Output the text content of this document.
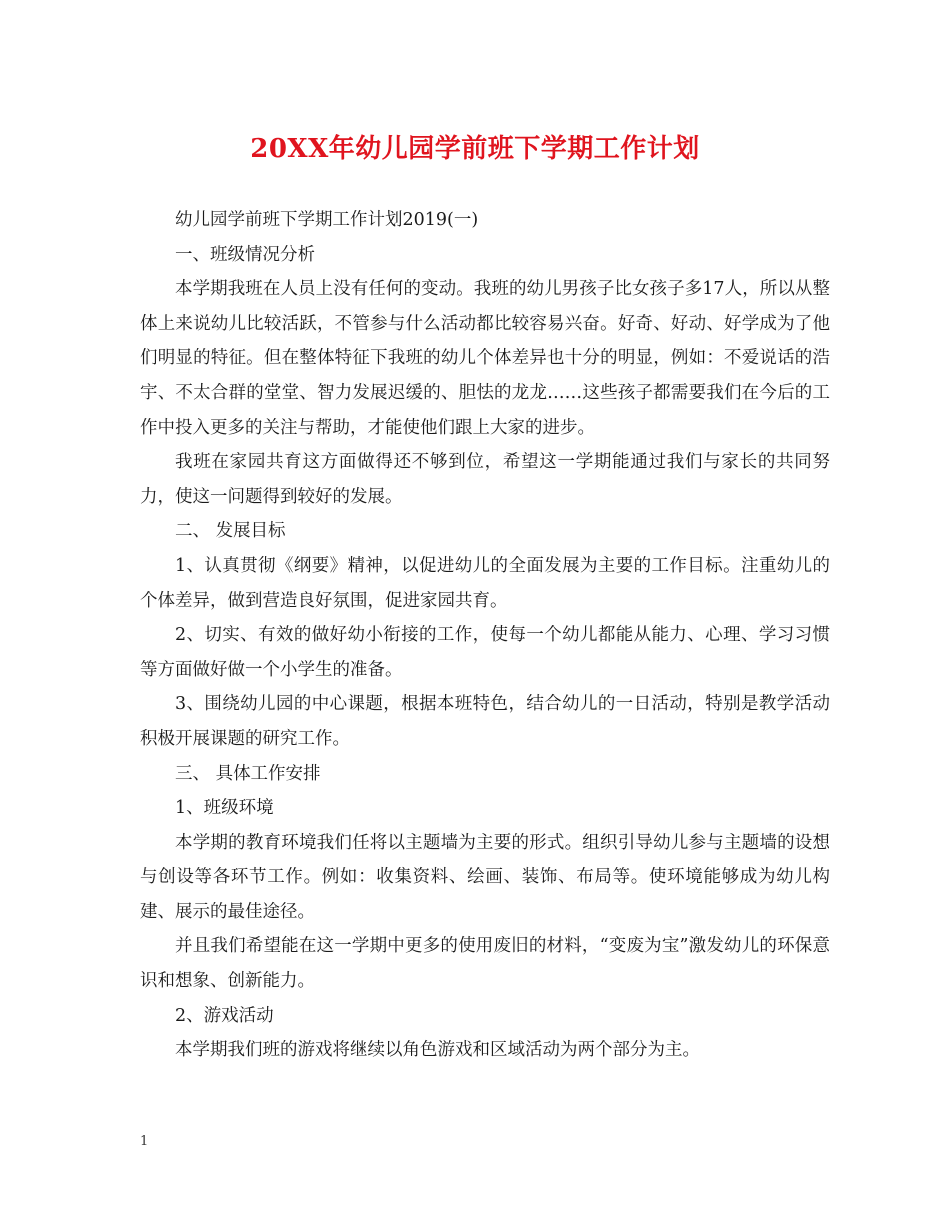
20XX年幼儿园学前班下学期工作计划

幼儿园学前班下学期工作计划2019(一)

一、班级情况分析

本学期我班在人员上没有任何的变动。我班的幼儿男孩子比女孩子多17人，所以从整体上来说幼儿比较活跃，不管参与什么活动都比较容易兴奋。好奇、好动、好学成为了他们明显的特征。但在整体特征下我班的幼儿个体差异也十分的明显，例如：不爱说话的浩宇、不太合群的堂堂、智力发展迟缓的、胆怯的龙龙……这些孩子都需要我们在今后的工作中投入更多的关注与帮助，才能使他们跟上大家的进步。

我班在家园共育这方面做得还不够到位，希望这一学期能通过我们与家长的共同努力，使这一问题得到较好的发展。

二、 发展目标

1、认真贯彻《纲要》精神，以促进幼儿的全面发展为主要的工作目标。注重幼儿的个体差异，做到营造良好氛围，促进家园共育。

2、切实、有效的做好幼小衔接的工作，使每一个幼儿都能从能力、心理、学习习惯等方面做好做一个小学生的准备。

3、围绕幼儿园的中心课题，根据本班特色，结合幼儿的一日活动，特别是教学活动积极开展课题的研究工作。

三、 具体工作安排

1、班级环境

本学期的教育环境我们任将以主题墙为主要的形式。组织引导幼儿参与主题墙的设想与创设等各环节工作。例如：收集资料、绘画、装饰、布局等。使环境能够成为幼儿构建、展示的最佳途径。

并且我们希望能在这一学期中更多的使用废旧的材料，“变废为宝”激发幼儿的环保意识和想象、创新能力。

2、游戏活动

本学期我们班的游戏将继续以角色游戏和区域活动为两个部分为主。

1
